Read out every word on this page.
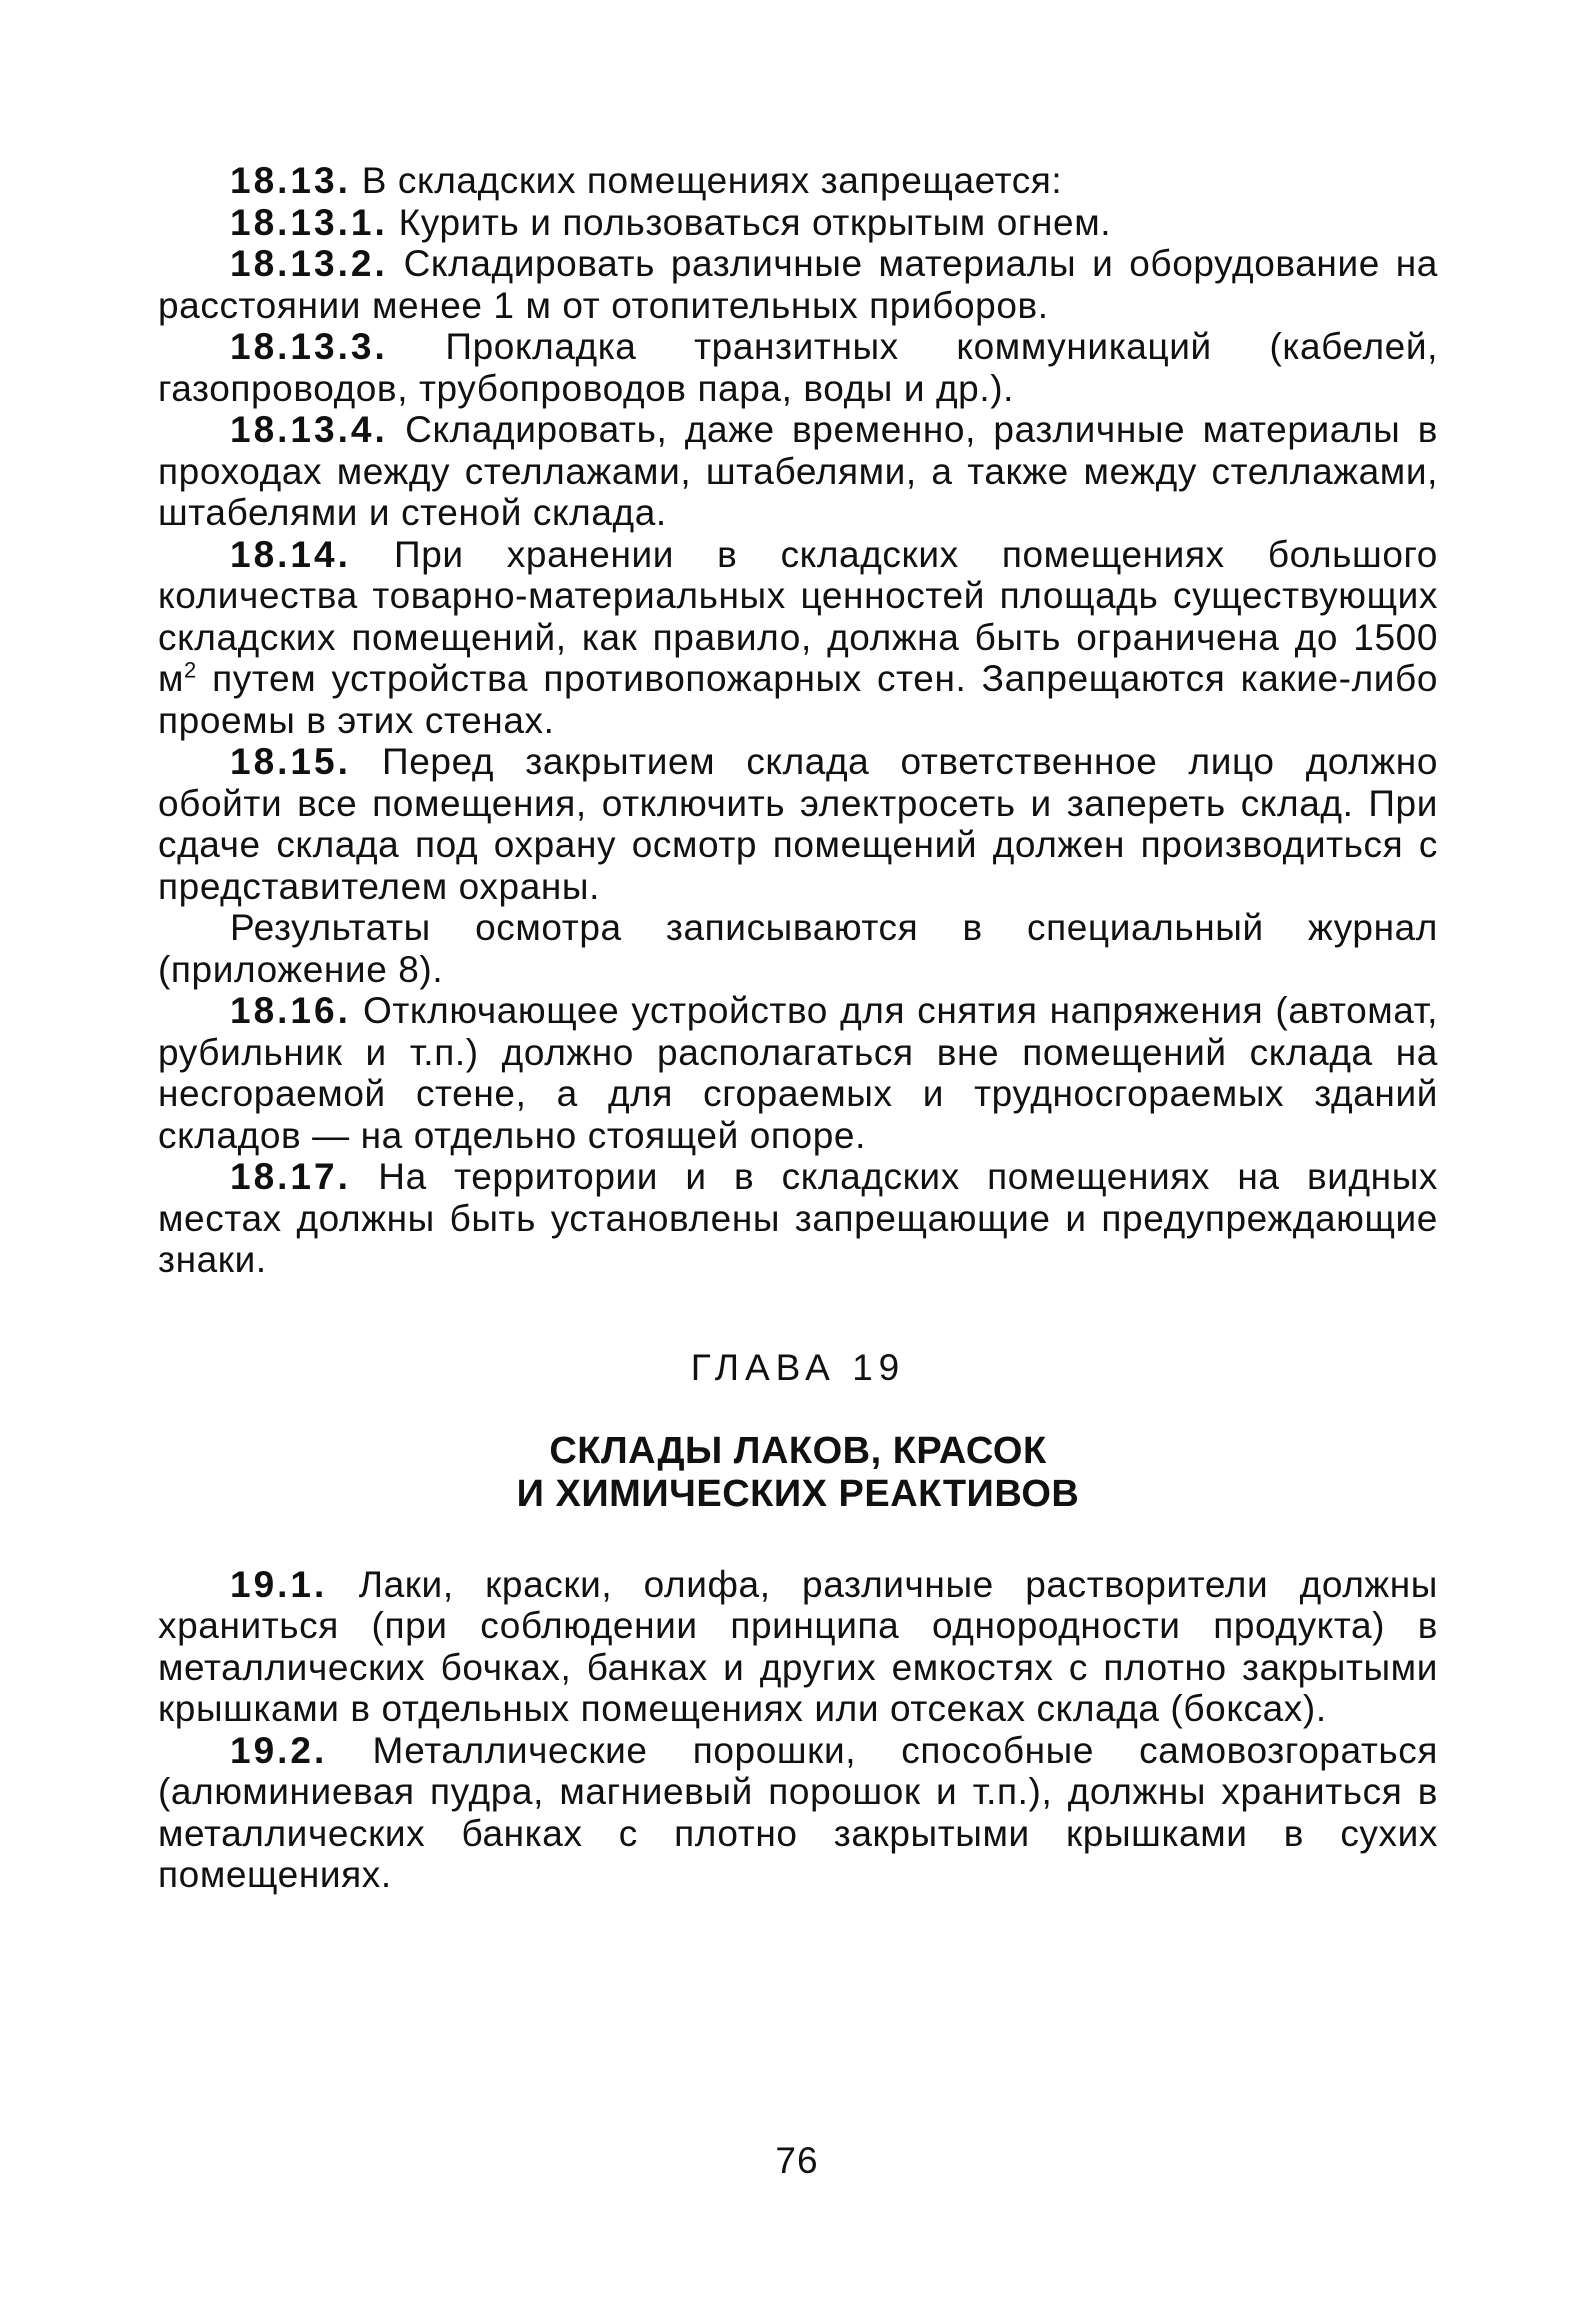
18.13. В складских помещениях запрещается:

18.13.1. Курить и пользоваться открытым огнем.

18.13.2. Складировать различные материалы и оборудование на расстоянии менее 1 м от отопительных приборов.

18.13.3. Прокладка транзитных коммуникаций (кабелей, газопроводов, трубопроводов пара, воды и др.).

18.13.4. Складировать, даже временно, различные материалы в проходах между стеллажами, штабелями, а также между стеллажами, штабелями и стеной склада.

18.14. При хранении в складских помещениях большого количества товарно-материальных ценностей площадь существующих складских помещений, как правило, должна быть ограничена до 1500 $м^2$ путем устройства противопожарных стен. Запрещаются какие-либо проемы в этих стенах.

18.15. Перед закрытием склада ответственное лицо должно обойти все помещения, отключить электросеть и запереть склад. При сдаче склада под охрану осмотр помещений должен производиться с представителем охраны.

Результаты осмотра записываются в специальный журнал (приложение 8).

18.16. Отключающее устройство для снятия напряжения (автомат, рубильник и т.п.) должно располагаться вне помещений склада на несгораемой стене, а для сгораемых и трудносгораемых зданий складов — на отдельно стоящей опоре.

18.17. На территории и в складских помещениях на видных местах должны быть установлены запрещающие и предупреждающие знаки.

ГЛАВА 19
СКЛАДЫ ЛАКОВ, КРАСОК
И ХИМИЧЕСКИХ РЕАКТИВОВ

19.1. Лаки, краски, олифа, различные растворители должны храниться (при соблюдении принципа однородности продукта) в металлических бочках, банках и других емкостях с плотно закрытыми крышками в отдельных помещениях или отсеках склада (боксах).

19.2. Металлические порошки, способные самовозгораться (алюминиевая пудра, магниевый порошок и т.п.), должны храниться в металлических банках с плотно закрытыми крышками в сухих помещениях.

76
